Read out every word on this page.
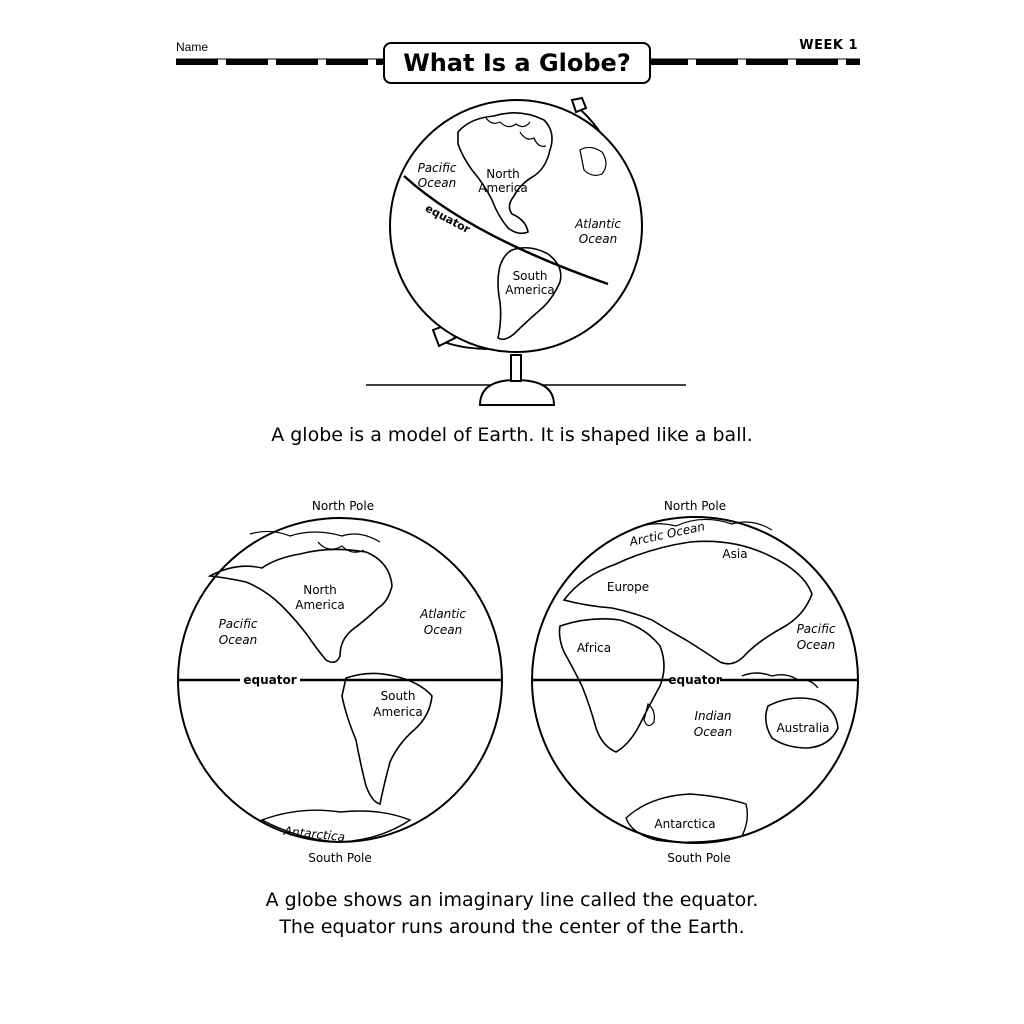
Name	WEEK 1
What Is a Globe?
Pacific
Ocean
North
America
Atlantic
Ocean
South
America
equator
A globe is a model of Earth. It is shaped like a ball.
North Pole
South Pole
Pacific
Ocean
North
America
Atlantic
Ocean
South
America
Antarctica
equator
North Pole
South Pole
Arctic Ocean
Asia
Europe
Africa
Pacific
Ocean
Indian
Ocean	Australia
Antarctica
equator
A globe shows an imaginary line called the equator.
The equator runs around the center of the Earth.
